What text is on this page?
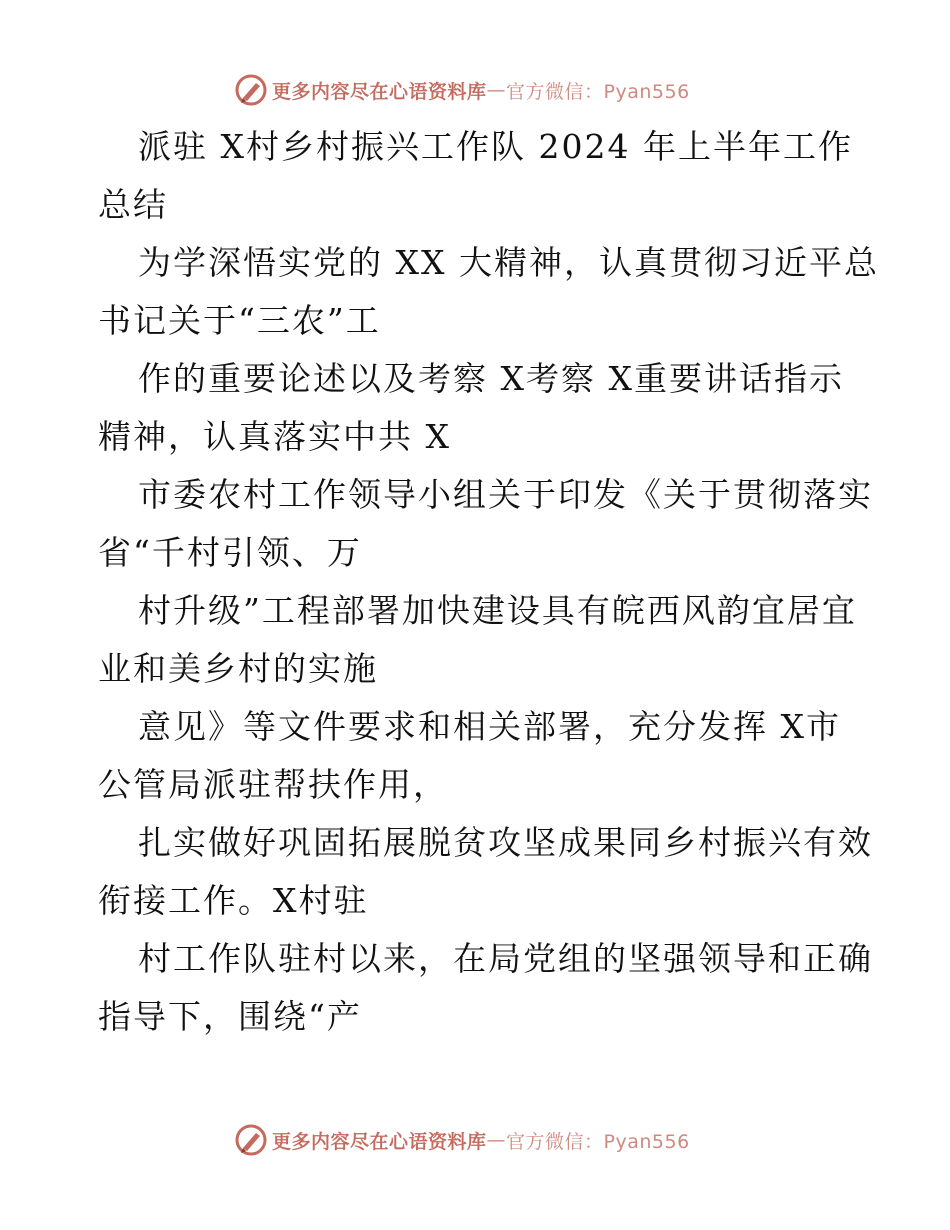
更多内容尽在心语资料库 — 官方微信：Pyan556
派驻 X村乡村振兴工作队 2024 年上半年工作
总结
为学深悟实党的 XX 大精神，认真贯彻习近平总
书记关于“三农”工
作的重要论述以及考察 X考察 X重要讲话指示
精神，认真落实中共 X
市委农村工作领导小组关于印发《关于贯彻落实
省“千村引领、万
村升级”工程部署加快建设具有皖西风韵宜居宜
业和美乡村的实施
意见》等文件要求和相关部署，充分发挥 X市
公管局派驻帮扶作用，
扎实做好巩固拓展脱贫攻坚成果同乡村振兴有效
衔接工作。X村驻
村工作队驻村以来，在局党组的坚强领导和正确
指导下，围绕“产
更多内容尽在心语资料库 — 官方微信：Pyan556
